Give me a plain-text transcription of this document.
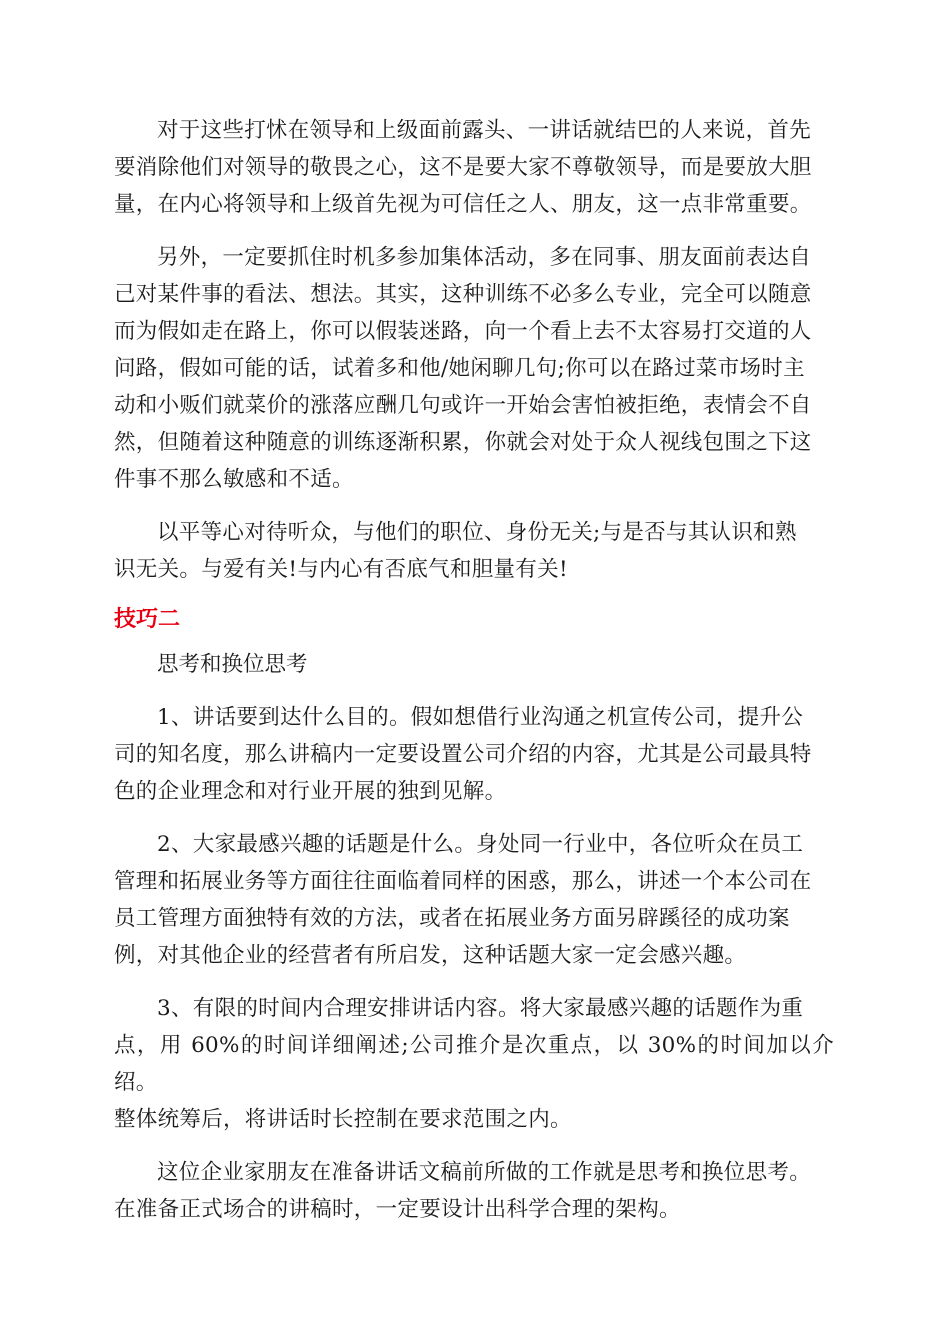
对于这些打怵在领导和上级面前露头、一讲话就结巴的人来说，首先
要消除他们对领导的敬畏之心，这不是要大家不尊敬领导，而是要放大胆
量，在内心将领导和上级首先视为可信任之人、朋友，这一点非常重要。

另外，一定要抓住时机多参加集体活动，多在同事、朋友面前表达自
己对某件事的看法、想法。其实，这种训练不必多么专业，完全可以随意
而为假如走在路上，你可以假装迷路，向一个看上去不太容易打交道的人
问路，假如可能的话，试着多和他/她闲聊几句;你可以在路过菜市场时主
动和小贩们就菜价的涨落应酬几句或许一开始会害怕被拒绝，表情会不自
然，但随着这种随意的训练逐渐积累，你就会对处于众人视线包围之下这
件事不那么敏感和不适。

以平等心对待听众，与他们的职位、身份无关;与是否与其认识和熟
识无关。与爱有关!与内心有否底气和胆量有关!

技巧二

思考和换位思考

1、讲话要到达什么目的。假如想借行业沟通之机宣传公司，提升公
司的知名度，那么讲稿内一定要设置公司介绍的内容，尤其是公司最具特
色的企业理念和对行业开展的独到见解。

2、大家最感兴趣的话题是什么。身处同一行业中，各位听众在员工
管理和拓展业务等方面往往面临着同样的困惑，那么，讲述一个本公司在
员工管理方面独特有效的方法，或者在拓展业务方面另辟蹊径的成功案
例，对其他企业的经营者有所启发，这种话题大家一定会感兴趣。

3、有限的时间内合理安排讲话内容。将大家最感兴趣的话题作为重
点，用 60%的时间详细阐述;公司推介是次重点，以 30%的时间加以介绍。
整体统筹后，将讲话时长控制在要求范围之内。

这位企业家朋友在准备讲话文稿前所做的工作就是思考和换位思考。
在准备正式场合的讲稿时，一定要设计出科学合理的架构。
